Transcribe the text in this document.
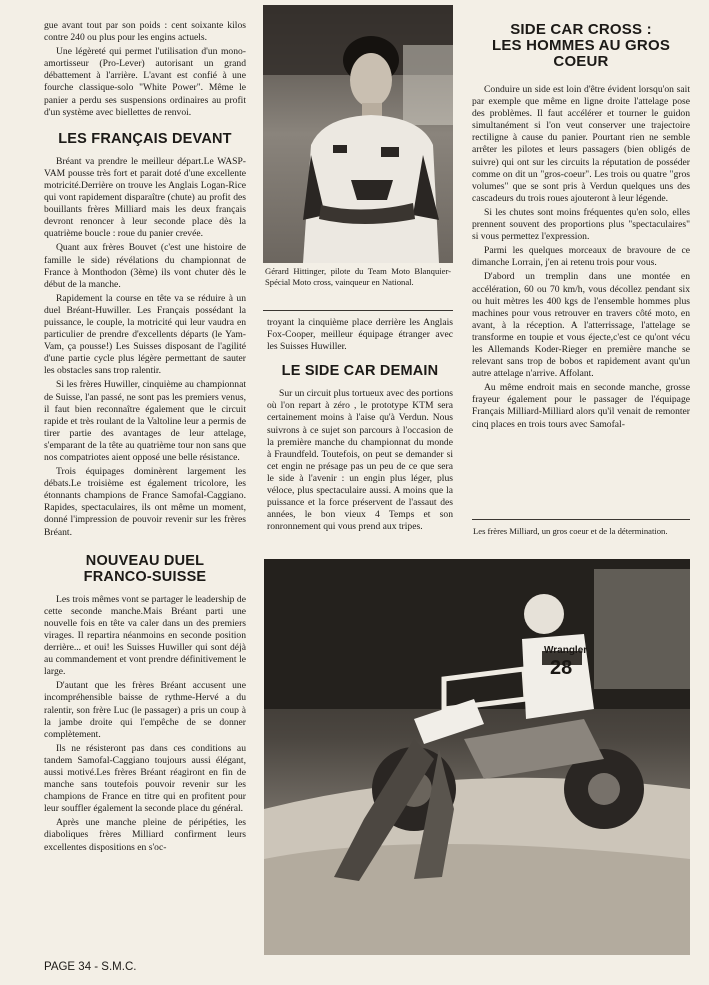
gue avant tout par son poids : cent soixante kilos contre 240 ou plus pour les engins actuels.

Une légèreté qui permet l'utilisation d'un mono-amortisseur (Pro-Lever) autorisant un grand débattement à l'arrière. L'avant est confié à une fourche classique-solo "White Power". Même le panier a perdu ses suspensions ordinaires au profit d'un système avec biellettes de renvoi.

LES FRANÇAIS DEVANT

Bréant va prendre le meilleur départ.Le WASP-VAM pousse très fort et parait doté d'une excellente motricité.Derrière on trouve les Anglais Logan-Rice qui vont rapidement disparaître (chute) au profit des bouillants frères Milliard mais les deux français devront renoncer à leur seconde place dès la quatrième boucle : roue du panier crevée.

Quant aux frères Bouvet (c'est une histoire de famille le side) révélations du championnat de France à Monthodon (3ème) ils vont chuter dès le début de la manche.

Rapidement la course en tête va se réduire à un duel Bréant-Huwiller. Les Français possédant la puissance, le couple, la motricité qui leur vaudra en particulier de prendre d'excellents départs (le Yam-Vam, ça pousse!) Les Suisses disposant de l'agilité d'une partie cycle plus légère permettant de sauter les obstacles sans trop ralentir.

Si les frères Huwiller, cinquième au championnat de Suisse, l'an passé, ne sont pas les premiers venus, il faut bien reconnaître également que le circuit rapide et très roulant de la Valtoline leur a permis de tirer partie des avantages de leur attelage, s'emparant de la tête au quatrième tour non sans que nos compatriotes aient opposé une belle résistance.

Trois équipages dominèrent largement les débats.Le troisième est également tricolore, les étonnants champions de France Samofal-Caggiano. Rapides, spectaculaires, ils ont même un moment, donné l'impression de pouvoir revenir sur les frères Bréant.

NOUVEAU DUEL
FRANCO-SUISSE

Les trois mêmes vont se partager le leadership de cette seconde manche.Mais Bréant parti une nouvelle fois en tête va caler dans un des premiers virages. Il repartira néanmoins en seconde position derrière... et oui! les Suisses Huwiller qui sont déjà au commandement et vont prendre définitivement le large.

D'autant que les frères Bréant accusent une incompréhensible baisse de rythme-Hervé a du ralentir, son frère Luc (le passager) a pris un coup à la jambe droite qui l'empêche de se donner complètement.

Ils ne résisteront pas dans ces conditions au tandem Samofal-Caggiano toujours aussi élégant, aussi motivé.Les frères Bréant réagiront en fin de manche sans toutefois pouvoir revenir sur les champions de France en titre qui en profitent pour leur souffler également la seconde place du général.

Après une manche pleine de péripéties, les diaboliques frères Milliard confirment leurs excellentes dispositions en s'oc-

Gérard Hittinger, pilote du Team Moto Blanquier-Spécial Moto cross, vainqueur en National.

troyant la cinquième place derrière les Anglais Fox-Cooper, meilleur équipage étranger avec les Suisses Huwiller.

LE SIDE CAR DEMAIN

Sur un circuit plus tortueux avec des portions où l'on repart à zéro , le prototype KTM sera certainement moins à l'aise qu'à Verdun. Nous suivrons à ce sujet son parcours à l'occasion de la première manche du championnat du monde à Fraundfeld. Toutefois, on peut se demander si cet engin ne présage pas un peu de ce que sera le side à l'avenir : un engin plus léger, plus véloce, plus spectaculaire aussi. A moins que la puissance et la force préservent de l'assaut des années, le bon vieux 4 Temps et son ronronnement qui vous prend aux tripes.

SIDE CAR CROSS :
LES HOMMES AU GROS
COEUR

Conduire un side est loin d'être évident lorsqu'on sait par exemple que même en ligne droite l'attelage pose des problèmes. Il faut accélérer et tourner le guidon simultanément si l'on veut conserver une trajectoire rectiligne à cause du panier. Pourtant rien ne semble arrêter les pilotes et leurs passagers (bien obligés de suivre) qui ont sur les circuits la réputation de posséder comme on dit un "gros-coeur". Les trois ou quatre "gros volumes" que se sont pris à Verdun quelques uns des cascadeurs du trois roues ajouteront à leur légende.

Si les chutes sont moins fréquentes qu'en solo, elles prennent souvent des proportions plus "spectaculaires" si vous permettez l'expression.

Parmi les quelques morceaux de bravoure de ce dimanche Lorrain, j'en ai retenu trois pour vous.

D'abord un tremplin dans une montée en accélération, 60 ou 70 km/h, vous décollez pendant six ou huit mètres les 400 kgs de l'ensemble hommes plus machines pour vous retrouver en travers côté moto, en avant, à la réception. A l'atterrissage, l'attelage se transforme en toupie et vous éjecte,c'est ce qu'ont vécu les Allemands Koder-Rieger en première manche se relevant sans trop de bobos et rapidement avant qu'un autre attelage n'arrive. Affolant.

Au même endroit mais en seconde manche, grosse frayeur également pour le passager de l'équipage Français Milliard-Milliard alors qu'il venait de remonter cinq places en trois tours avec Samofal-

Les frères Milliard, un gros coeur et de la détermination.
Wrangler
28
PAGE 34 - S.M.C.
